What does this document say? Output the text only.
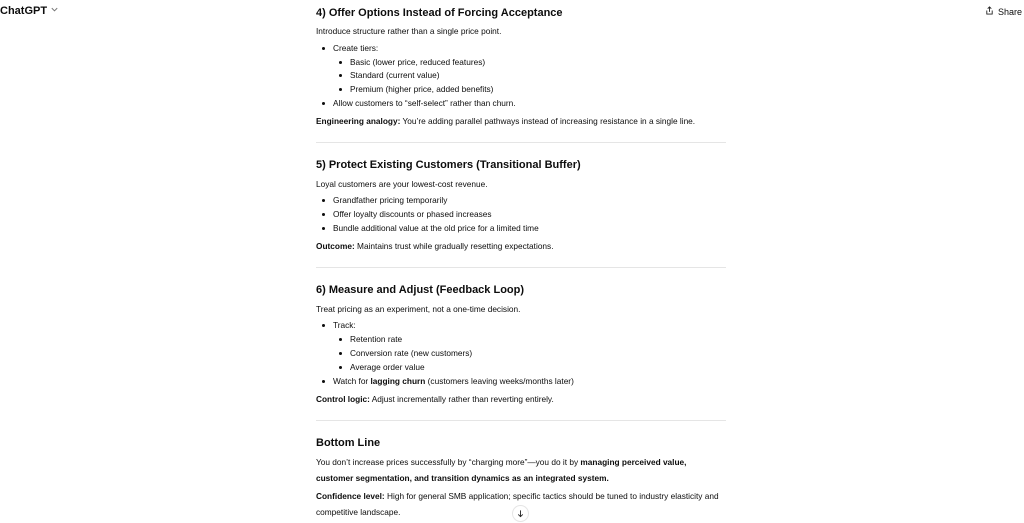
ChatGPT	Share
4) Offer Options Instead of Forcing Acceptance
Introduce structure rather than a single price point.
Create tiers:
Basic (lower price, reduced features)
Standard (current value)
Premium (higher price, added benefits)
Allow customers to “self-select” rather than churn.
Engineering analogy: You’re adding parallel pathways instead of increasing resistance in a single line.
5) Protect Existing Customers (Transitional Buffer)
Loyal customers are your lowest-cost revenue.
Grandfather pricing temporarily
Offer loyalty discounts or phased increases
Bundle additional value at the old price for a limited time
Outcome: Maintains trust while gradually resetting expectations.
6) Measure and Adjust (Feedback Loop)
Treat pricing as an experiment, not a one-time decision.
Track:
Retention rate
Conversion rate (new customers)
Average order value
Watch for lagging churn (customers leaving weeks/months later)
Control logic: Adjust incrementally rather than reverting entirely.
Bottom Line
You don’t increase prices successfully by “charging more”—you do it by managing perceived value, customer segmentation, and transition dynamics as an integrated system.
Confidence level: High for general SMB application; specific tactics should be tuned to industry elasticity and competitive landscape.
